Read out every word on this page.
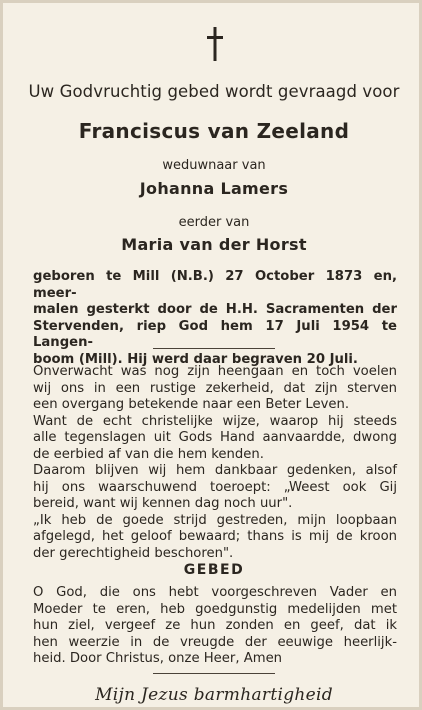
Uw Godvruchtig gebed wordt gevraagd voor
Franciscus van Zeeland
weduwnaar van
Johanna Lamers
eerder van
Maria van der Horst
geboren te Mill (N.B.) 27 October 1873 en, meer-
malen gesterkt door de H.H. Sacramenten der
Stervenden, riep God hem 17 Juli 1954 te Langen-
boom (Mill). Hij werd daar begraven 20 Juli.
Onverwacht was nog zijn heengaan en toch voelen
wij ons in een rustige zekerheid, dat zijn sterven
een overgang betekende naar een Beter Leven.
Want de echt christelijke wijze, waarop hij steeds
alle tegenslagen uit Gods Hand aanvaardde, dwong
de eerbied af van die hem kenden.
Daarom blijven wij hem dankbaar gedenken, alsof
hij ons waarschuwend toeroept: „Weest ook Gij
bereid, want wij kennen dag noch uur".
„Ik heb de goede strijd gestreden, mijn loopbaan
afgelegd, het geloof bewaard; thans is mij de kroon
der gerechtigheid beschoren".
GEBED
O God, die ons hebt voorgeschreven Vader en
Moeder te eren, heb goedgunstig medelijden met
hun ziel, vergeef ze hun zonden en geef, dat ik
hen weerzie in de vreugde der eeuwige heerlijk-
heid. Door Christus, onze Heer, Amen
Mijn Jezus barmhartigheid
